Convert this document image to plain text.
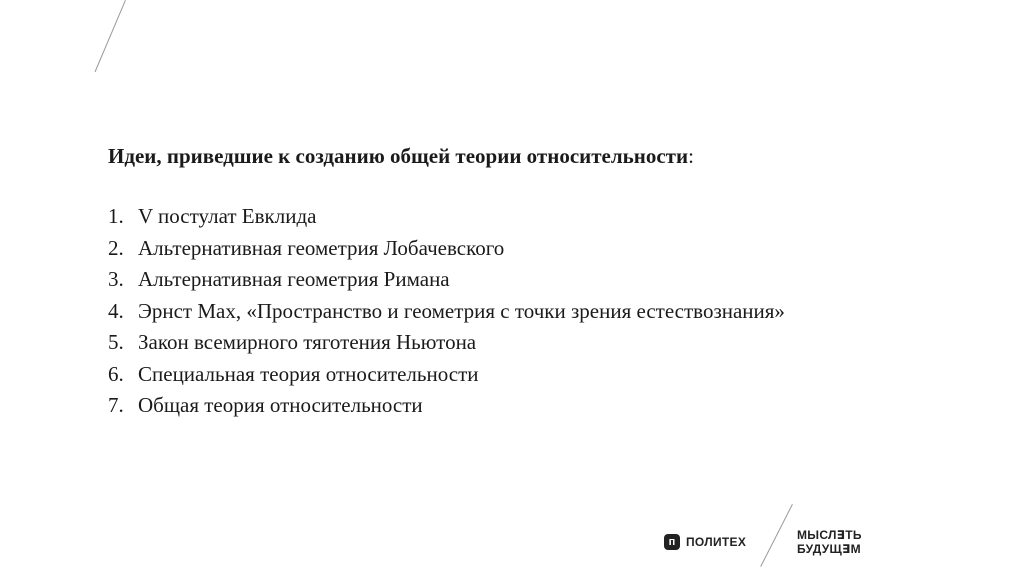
Идеи, приведшие к созданию общей теории относительности:
1. V постулат Евклида
2. Альтернативная геометрия Лобачевского
3. Альтернативная геометрия Римана
4. Эрнст Мах, «Пространство и геометрия с точки зрения естествознания»
5. Закон всемирного тяготения Ньютона
6. Специальная теория относительности
7. Общая теория относительности
п ПОЛИТЕХ	МЫСЛ∃ТЬ
БУДУЩ∃М
